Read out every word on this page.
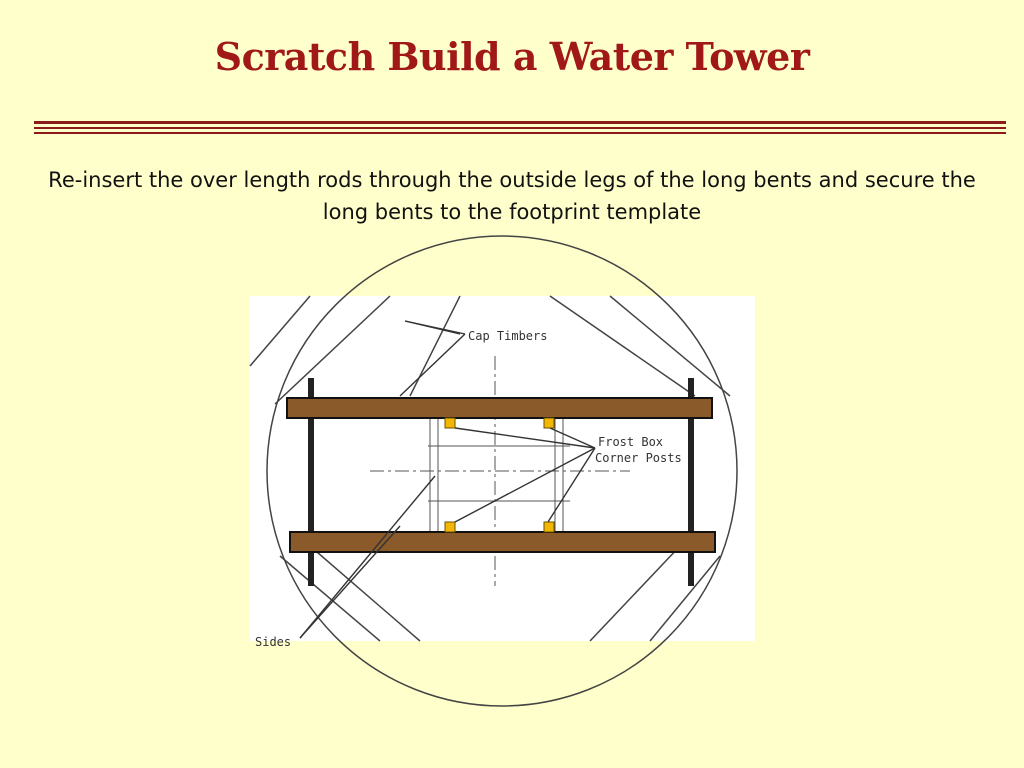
Scratch Build a Water Tower
Re-insert the over length rods through the outside legs of the long bents and secure the long bents to the footprint template
Cap Timbers
Frost Box
Corner Posts
Sides
